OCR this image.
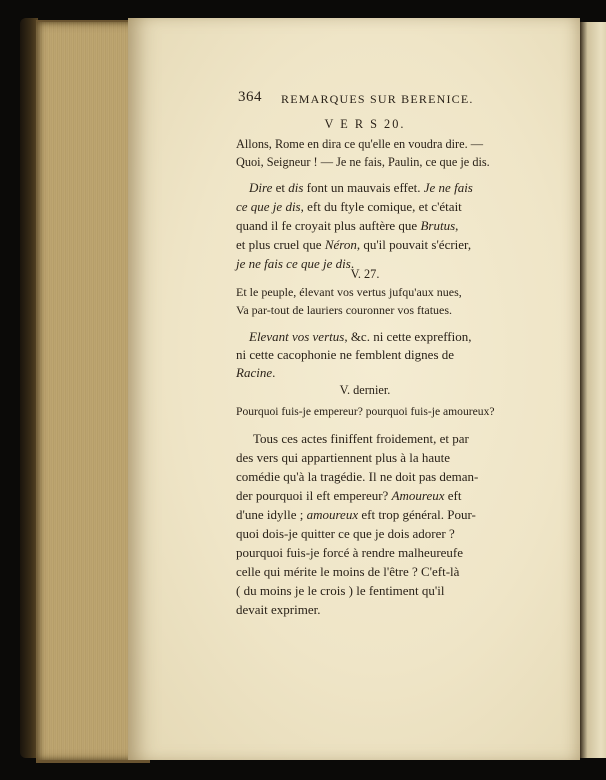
364 REMARQUES SUR BERENICE.
V E R S 20.
Allons, Rome en dira ce qu'elle en voudra dire. —
Quoi, Seigneur ! — Je ne fais, Paulin, ce que je dis.
Dire et dis font un mauvais effet. Je ne fais
ce que je dis, eft du ftyle comique, et c'était
quand il fe croyait plus auftère que Brutus,
et plus cruel que Néron, qu'il pouvait s'écrier,
je ne fais ce que je dis.
V. 27.
Et le peuple, élevant vos vertus jufqu'aux nues,
Va par-tout de lauriers couronner vos ftatues.
Elevant vos vertus, &c. ni cette expreffion,
ni cette cacophonie ne femblent dignes de
Racine.
V. dernier.
Pourquoi fuis-je empereur? pourquoi fuis-je amoureux?
Tous ces actes finiffent froidement, et par
des vers qui appartiennent plus à la haute
comédie qu'à la tragédie. Il ne doit pas deman-
der pourquoi il eft empereur? Amoureux eft
d'une idylle ; amoureux eft trop général. Pour-
quoi dois-je quitter ce que je dois adorer ?
pourquoi fuis-je forcé à rendre malheureufe
celle qui mérite le moins de l'être ? C'eft-là
( du moins je le crois ) le fentiment qu'il
devait exprimer.
